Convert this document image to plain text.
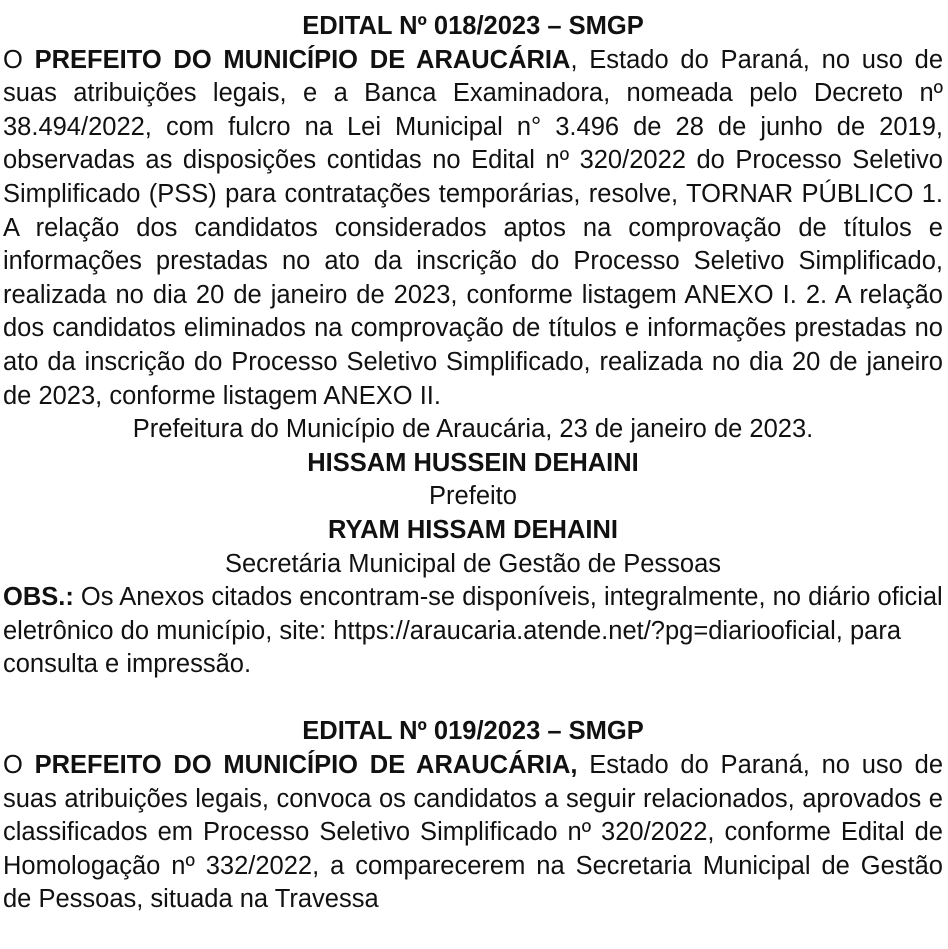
EDITAL Nº 018/2023 – SMGP

O PREFEITO DO MUNICÍPIO DE ARAUCÁRIA, Estado do Paraná, no uso de suas atribuições legais, e a Banca Examinadora, nomeada pelo Decreto nº 38.494/2022, com fulcro na Lei Municipal n° 3.496 de 28 de junho de 2019, observadas as disposições contidas no Edital nº 320/2022 do Processo Seletivo Simplificado (PSS) para contratações temporárias, resolve, TORNAR PÚBLICO 1. A relação dos candidatos considerados aptos na comprovação de títulos e informações prestadas no ato da inscrição do Processo Seletivo Simplificado, realizada no dia 20 de janeiro de 2023, conforme listagem ANEXO I. 2. A relação dos candidatos eliminados na comprovação de títulos e informações prestadas no ato da inscrição do Processo Seletivo Simplificado, realizada no dia 20 de janeiro de 2023, conforme listagem ANEXO II.

Prefeitura do Município de Araucária, 23 de janeiro de 2023.

HISSAM HUSSEIN DEHAINI

Prefeito

RYAM HISSAM DEHAINI

Secretária Municipal de Gestão de Pessoas

OBS.: Os Anexos citados encontram-se disponíveis, integralmente, no diário oficial eletrônico do município, site: https://araucaria.atende.net/?pg=diariooficial, para consulta e impressão.

EDITAL Nº 019/2023 – SMGP

O PREFEITO DO MUNICÍPIO DE ARAUCÁRIA, Estado do Paraná, no uso de suas atribuições legais, convoca os candidatos a seguir relacionados, aprovados e classificados em Processo Seletivo Simplificado nº 320/2022, conforme Edital de Homologação nº 332/2022, a comparecerem na Secretaria Municipal de Gestão de Pessoas, situada na Travessa
